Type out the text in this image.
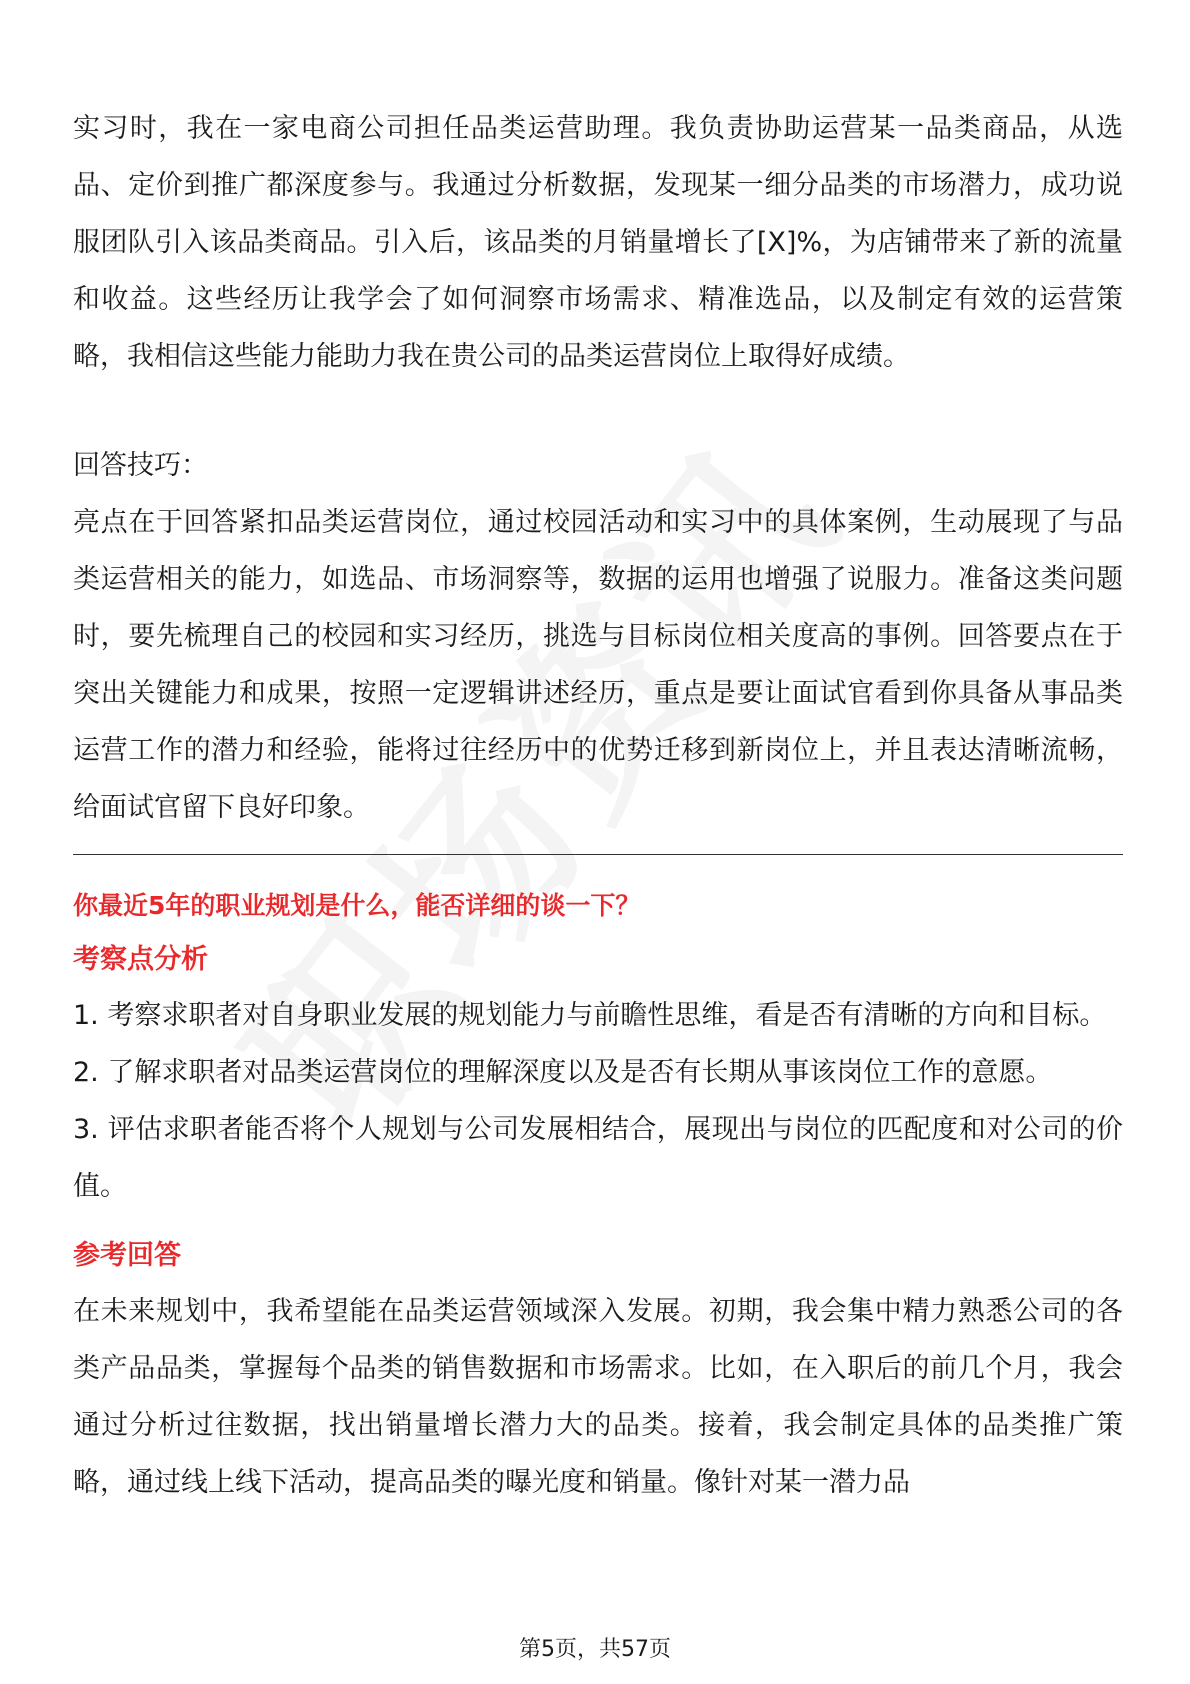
实习时，我在一家电商公司担任品类运营助理。我负责协助运营某一品类商品，从选品、定价到推广都深度参与。我通过分析数据，发现某一细分品类的市场潜力，成功说服团队引入该品类商品。引入后，该品类的月销量增长了[X]%，为店铺带来了新的流量和收益。这些经历让我学会了如何洞察市场需求、精准选品，以及制定有效的运营策略，我相信这些能力能助力我在贵公司的品类运营岗位上取得好成绩。

回答技巧：

亮点在于回答紧扣品类运营岗位，通过校园活动和实习中的具体案例，生动展现了与品类运营相关的能力，如选品、市场洞察等，数据的运用也增强了说服力。准备这类问题时，要先梳理自己的校园和实习经历，挑选与目标岗位相关度高的事例。回答要点在于突出关键能力和成果，按照一定逻辑讲述经历，重点是要让面试官看到你具备从事品类运营工作的潜力和经验，能将过往经历中的优势迁移到新岗位上，并且表达清晰流畅，给面试官留下良好印象。

你最近5年的职业规划是什么，能否详细的谈一下？

考察点分析

1. 考察求职者对自身职业发展的规划能力与前瞻性思维，看是否有清晰的方向和目标。

2. 了解求职者对品类运营岗位的理解深度以及是否有长期从事该岗位工作的意愿。

3. 评估求职者能否将个人规划与公司发展相结合，展现出与岗位的匹配度和对公司的价值。

参考回答

在未来规划中，我希望能在品类运营领域深入发展。初期，我会集中精力熟悉公司的各类产品品类，掌握每个品类的销售数据和市场需求。比如，在入职后的前几个月，我会通过分析过往数据，找出销量增长潜力大的品类。接着，我会制定具体的品类推广策略，通过线上线下活动，提高品类的曝光度和销量。像针对某一潜力品

第5页，共57页
